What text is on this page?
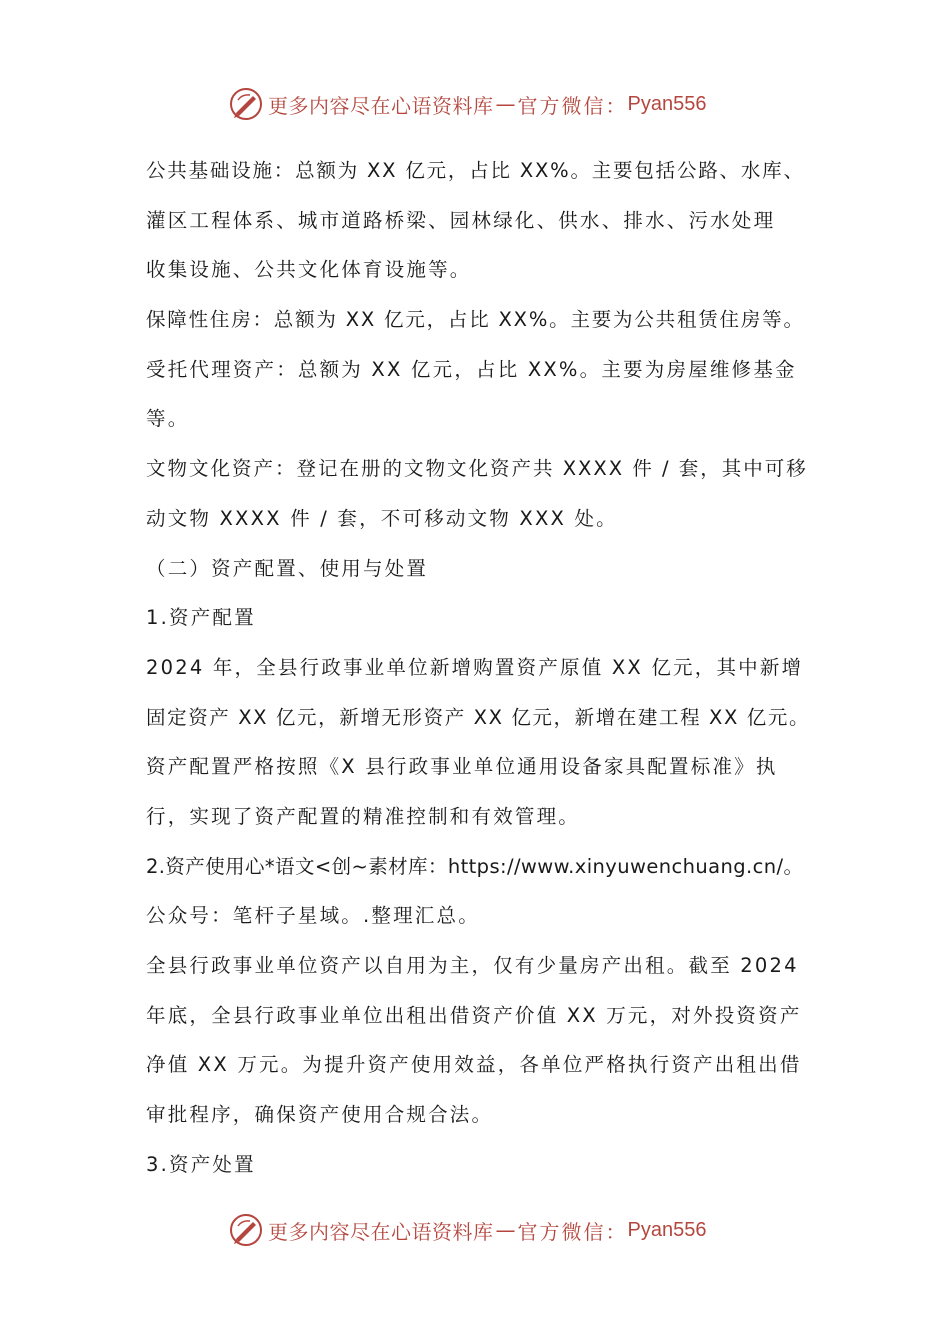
更多内容尽在心语资料库 — 官方微信： Pyan556
公共基础设施：总额为 XX 亿元，占比 XX%。主要包括公路、水库、
灌区工程体系、城市道路桥梁、园林绿化、供水、排水、污水处理
收集设施、公共文化体育设施等。
保障性住房：总额为 XX 亿元，占比 XX%。主要为公共租赁住房等。
受托代理资产：总额为 XX 亿元，占比 XX%。主要为房屋维修基金
等。
文物文化资产：登记在册的文物文化资产共 XXXX 件 / 套，其中可移
动文物 XXXX 件 / 套，不可移动文物 XXX 处。
（二）资产配置、使用与处置
1.资产配置
2024 年，全县行政事业单位新增购置资产原值 XX 亿元，其中新增
固定资产 XX 亿元，新增无形资产 XX 亿元，新增在建工程 XX 亿元。
资产配置严格按照《X 县行政事业单位通用设备家具配置标准》执
行，实现了资产配置的精准控制和有效管理。
2.资产使用心*语文<创~素材库：https://www.xinyuwenchuang.cn/。
公众号：笔杆子星域。.整理汇总。
全县行政事业单位资产以自用为主，仅有少量房产出租。截至 2024
年底，全县行政事业单位出租出借资产价值 XX 万元，对外投资资产
净值 XX 万元。为提升资产使用效益，各单位严格执行资产出租出借
审批程序，确保资产使用合规合法。
3.资产处置
更多内容尽在心语资料库 — 官方微信： Pyan556
